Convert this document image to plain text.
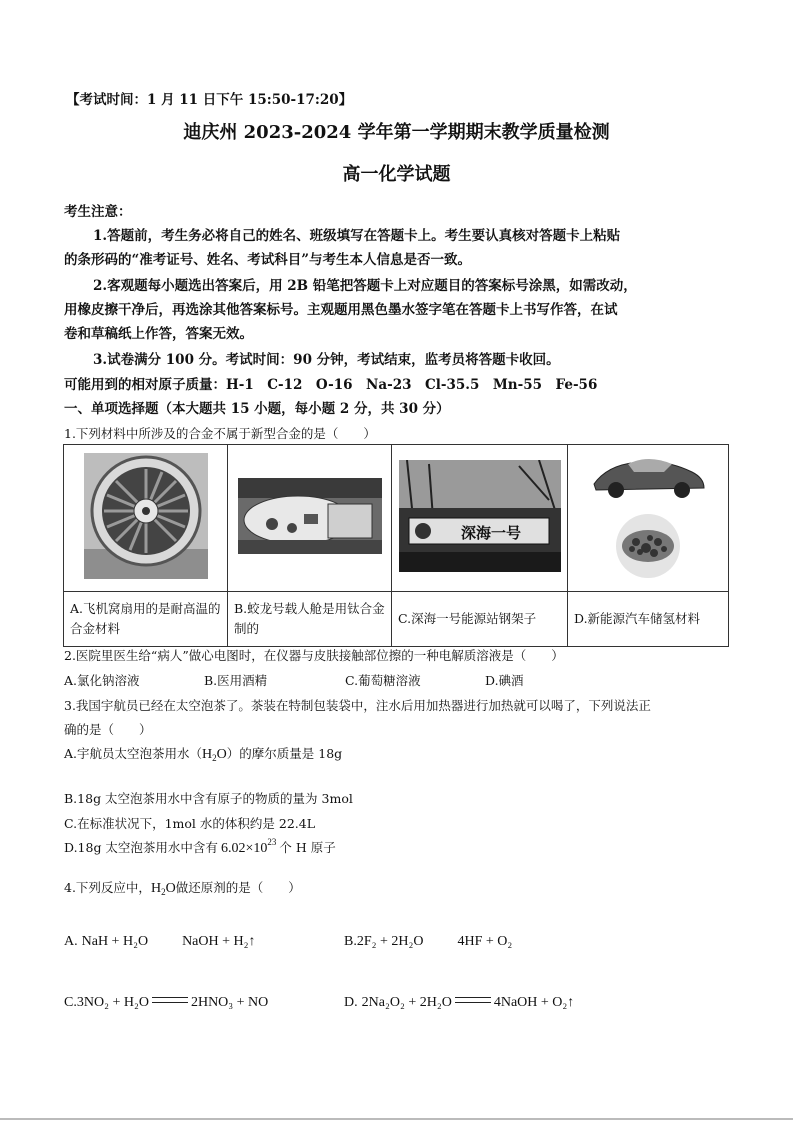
【考试时间：1 月 11 日下午 15:50-17:20】
迪庆州 2023-2024 学年第一学期期末教学质量检测
高一化学试题
考生注意：
1.答题前，考生务必将自己的姓名、班级填写在答题卡上。考生要认真核对答题卡上粘贴
的条形码的“准考证号、姓名、考试科目”与考生本人信息是否一致。
2.客观题每小题选出答案后，用 2B 铅笔把答题卡上对应题目的答案标号涂黑，如需改动，
用橡皮擦干净后，再选涂其他答案标号。主观题用黑色墨水签字笔在答题卡上书写作答，在试
卷和草稿纸上作答，答案无效。
3.试卷满分 100 分。考试时间：90 分钟，考试结束，监考员将答题卡收回。
可能用到的相对原子质量：H-1　C-12　O-16　Na-23　Cl-35.5　Mn-55　Fe-56
一、单项选择题（本大题共 15 小题，每小题 2 分，共 30 分）
1.下列材料中所涉及的合金不属于新型合金的是（　　）

深海一号

A.飞机窝扇用的是耐高温的合金材料	B.蛟龙号载人舱是用钛合金制的	C.深海一号能源站钢架子	D.新能源汽车储氢材料
2.医院里医生给“病人”做心电图时，在仪器与皮肤接触部位擦的一种电解质溶液是（　　）
A.氯化钠溶液	B.医用酒精	C.葡萄糖溶液	D.碘酒
3.我国宇航员已经在太空泡茶了。茶装在特制包装袋中，注水后用加热器进行加热就可以喝了，下列说法正
确的是（　　）
A.宇航员太空泡茶用水$(H_2O)$的摩尔质量是 18g
B.18g 太空泡茶用水中含有原子的物质的量为 3mol
C.在标准状况下，1mol 水的体积约是 22.4L
D.18g 太空泡茶用水中含有 $6.02\times 10^{23}$ 个 H 原子
4.下列反应中，$H_2O$做还原剂的是（　　）
A. NaH + H₂O NaOH + H₂↑	B.2F₂ + 2H₂O 4HF + O₂
C.3NO₂ + H₂O	2HNO₃ + NO	D. 2Na₂O₂ + 2H₂O	4NaOH + O₂↑
